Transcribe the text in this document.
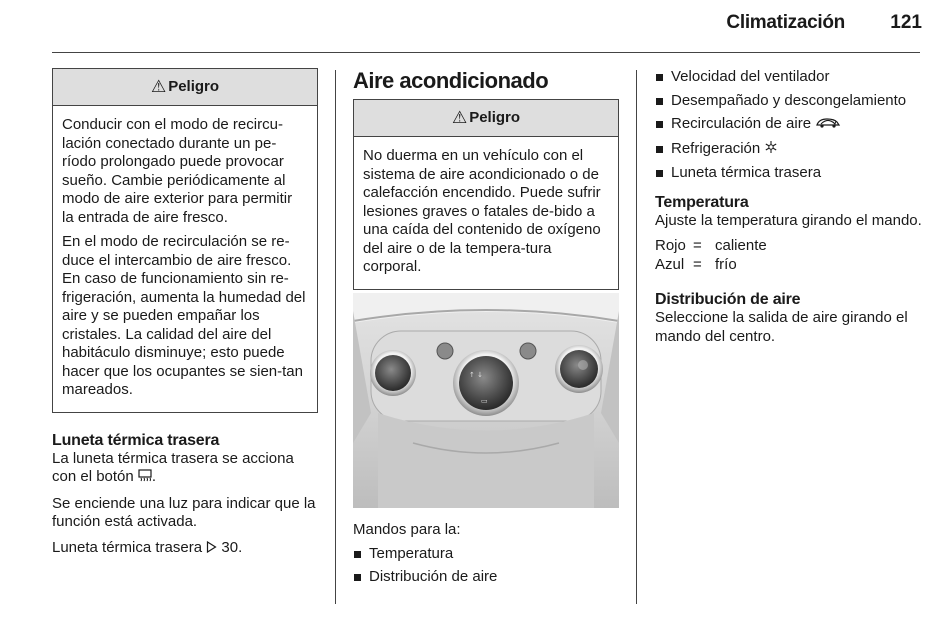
Climatización	121
⚠ Peligro

Conducir con el modo de recircu-lación conectado durante un pe-ríodo prolongado puede provocar sueño. Cambie periódicamente al modo de aire exterior para permitir la entrada de aire fresco.

En el modo de recirculación se re-duce el intercambio de aire fresco. En caso de funcionamiento sin re-frigeración, aumenta la humedad del aire y se pueden empañar los cristales. La calidad del aire del habitáculo disminuye; esto puede hacer que los ocupantes se sien-tan mareados.

Luneta térmica trasera

La luneta térmica trasera se acciona con el botón .

Se enciende una luz para indicar que la función está activada.

Luneta térmica trasera  30.

Aire acondicionado
⚠ Peligro

No duerma en un vehículo con el sistema de aire acondicionado o de calefacción encendido. Puede sufrir lesiones graves o fatales de-bido a una caída del contenido de oxígeno del aire o de la tempera-tura corporal.

↑ ↓
▭

Mandos para la:

Temperatura
Distribución de aire
Velocidad del ventilador
Desempañado y descongelamiento
Recirculación de aire
Refrigeración
Luneta térmica trasera
Temperatura

Ajuste la temperatura girando el mando.

Rojo = caliente
Azul = frío
Distribución de aire

Seleccione la salida de aire girando el mando del centro.
